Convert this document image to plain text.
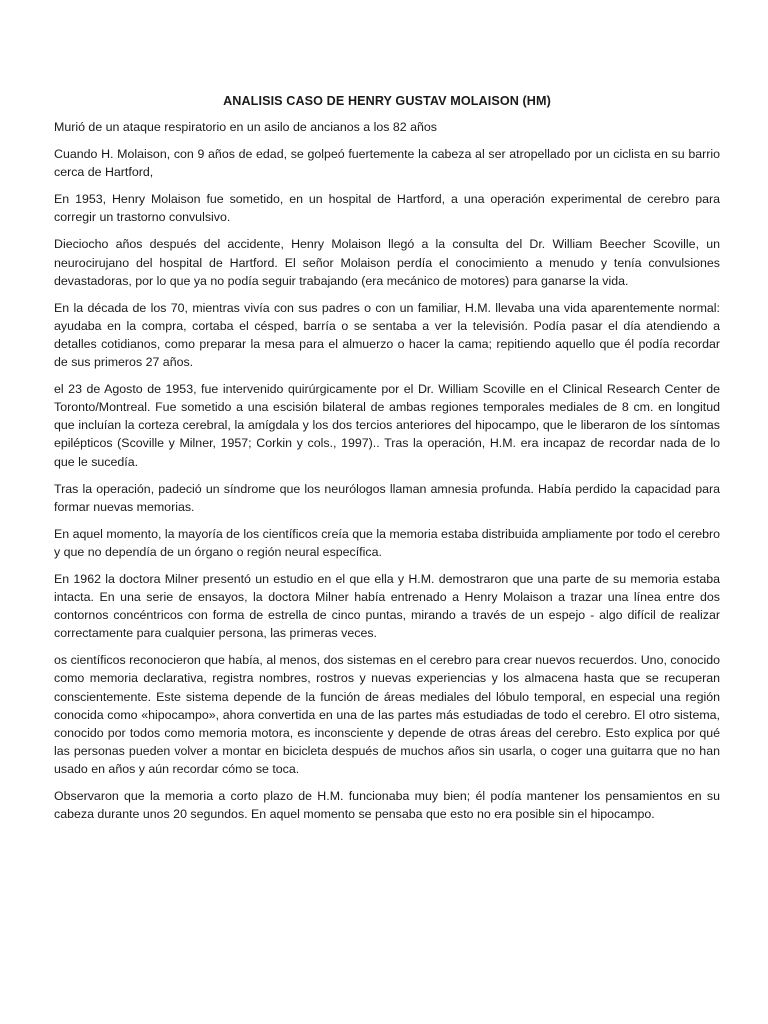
ANALISIS CASO DE HENRY GUSTAV MOLAISON (HM)

Murió de un ataque respiratorio en un asilo de ancianos a los 82 años

Cuando H. Molaison, con 9 años de edad, se golpeó fuertemente la cabeza al ser atropellado por un ciclista en su barrio cerca de Hartford,

En 1953, Henry Molaison fue sometido, en un hospital de Hartford, a una operación experimental de cerebro para corregir un trastorno convulsivo.

Dieciocho años después del accidente, Henry Molaison llegó a la consulta del Dr. William Beecher Scoville, un neurocirujano del hospital de Hartford. El señor Molaison perdía el conocimiento a menudo y tenía convulsiones devastadoras, por lo que ya no podía seguir trabajando (era mecánico de motores) para ganarse la vida.

En la década de los 70, mientras vivía con sus padres o con un familiar, H.M. llevaba una vida aparentemente normal: ayudaba en la compra, cortaba el césped, barría o se sentaba a ver la televisión. Podía pasar el día atendiendo a detalles cotidianos, como preparar la mesa para el almuerzo o hacer la cama; repitiendo aquello que él podía recordar de sus primeros 27 años.

el 23 de Agosto de 1953, fue intervenido quirúrgicamente por el Dr. William Scoville en el Clinical Research Center de Toronto/Montreal. Fue sometido a una escisión bilateral de ambas regiones temporales mediales de 8 cm. en longitud que incluían la corteza cerebral, la amígdala y los dos tercios anteriores del hipocampo, que le liberaron de los síntomas epilépticos (Scoville y Milner, 1957; Corkin y cols., 1997).. Tras la operación, H.M. era incapaz de recordar nada de lo que le sucedía.

Tras la operación, padeció un síndrome que los neurólogos llaman amnesia profunda. Había perdido la capacidad para formar nuevas memorias.

En aquel momento, la mayoría de los científicos creía que la memoria estaba distribuida ampliamente por todo el cerebro y que no dependía de un órgano o región neural específica.

En 1962 la doctora Milner presentó un estudio en el que ella y H.M. demostraron que una parte de su memoria estaba intacta. En una serie de ensayos, la doctora Milner había entrenado a Henry Molaison a trazar una línea entre dos contornos concéntricos con forma de estrella de cinco puntas, mirando a través de un espejo - algo difícil de realizar correctamente para cualquier persona, las primeras veces.

os científicos reconocieron que había, al menos, dos sistemas en el cerebro para crear nuevos recuerdos. Uno, conocido como memoria declarativa, registra nombres, rostros y nuevas experiencias y los almacena hasta que se recuperan conscientemente. Este sistema depende de la función de áreas mediales del lóbulo temporal, en especial una región conocida como «hipocampo», ahora convertida en una de las partes más estudiadas de todo el cerebro. El otro sistema, conocido por todos como memoria motora, es inconsciente y depende de otras áreas del cerebro. Esto explica por qué las personas pueden volver a montar en bicicleta después de muchos años sin usarla, o coger una guitarra que no han usado en años y aún recordar cómo se toca.

Observaron que la memoria a corto plazo de H.M. funcionaba muy bien; él podía mantener los pensamientos en su cabeza durante unos 20 segundos. En aquel momento se pensaba que esto no era posible sin el hipocampo.
